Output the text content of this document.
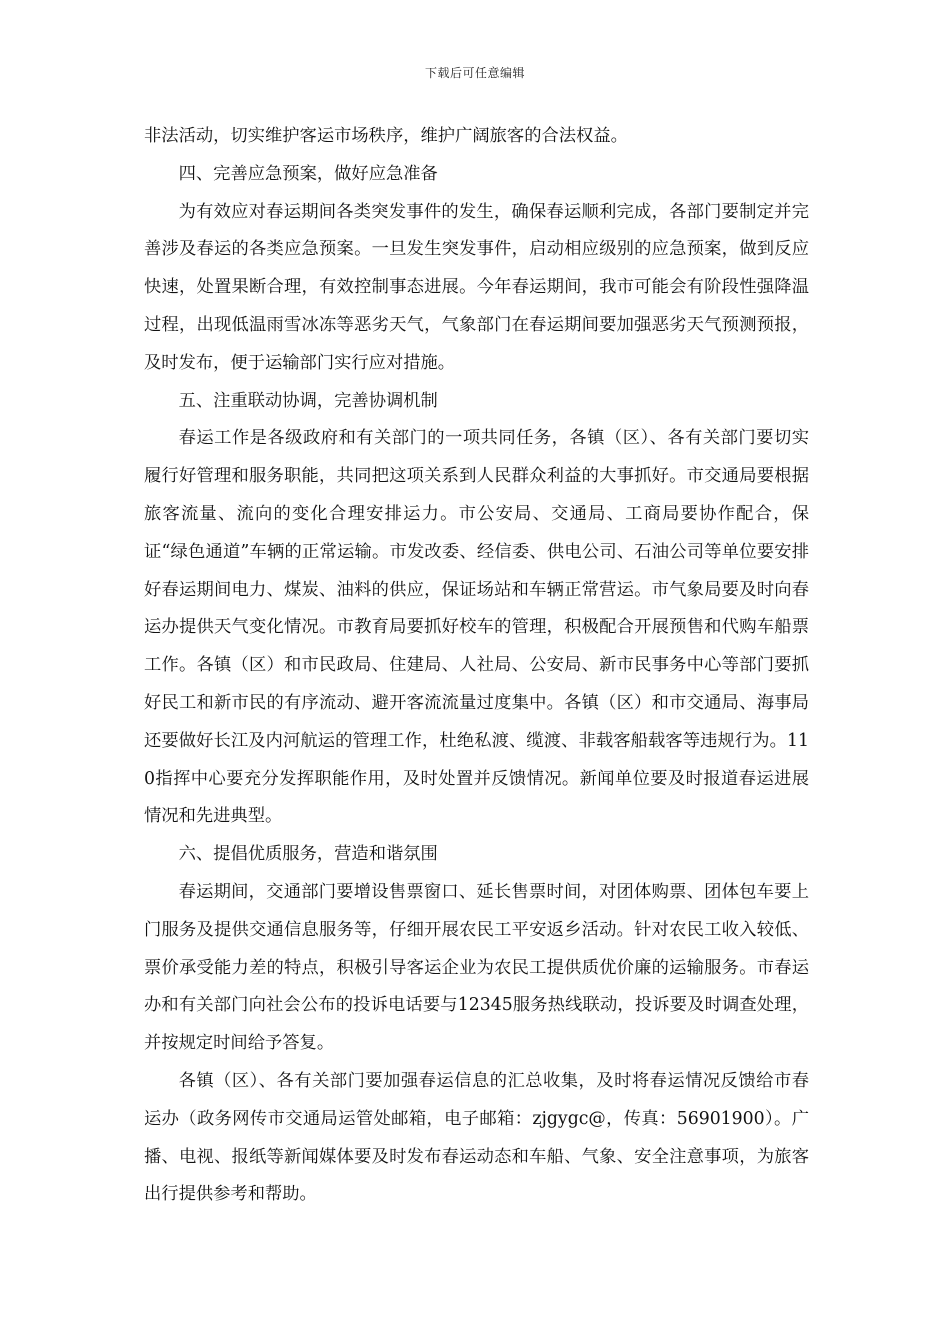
下载后可任意编辑

非法活动，切实维护客运市场秩序，维护广阔旅客的合法权益。

四、完善应急预案，做好应急准备

为有效应对春运期间各类突发事件的发生，确保春运顺利完成，各部门要制定并完善涉及春运的各类应急预案。一旦发生突发事件，启动相应级别的应急预案，做到反应快速，处置果断合理，有效控制事态进展。今年春运期间，我市可能会有阶段性强降温过程，出现低温雨雪冰冻等恶劣天气，气象部门在春运期间要加强恶劣天气预测预报，及时发布，便于运输部门实行应对措施。

五、注重联动协调，完善协调机制

春运工作是各级政府和有关部门的一项共同任务，各镇（区）、各有关部门要切实履行好管理和服务职能，共同把这项关系到人民群众利益的大事抓好。市交通局要根据旅客流量、流向的变化合理安排运力。市公安局、交通局、工商局要协作配合，保证“绿色通道”车辆的正常运输。市发改委、经信委、供电公司、石油公司等单位要安排好春运期间电力、煤炭、油料的供应，保证场站和车辆正常营运。市气象局要及时向春运办提供天气变化情况。市教育局要抓好校车的管理，积极配合开展预售和代购车船票工作。各镇（区）和市民政局、住建局、人社局、公安局、新市民事务中心等部门要抓好民工和新市民的有序流动、避开客流流量过度集中。各镇（区）和市交通局、海事局还要做好长江及内河航运的管理工作，杜绝私渡、缆渡、非载客船载客等违规行为。110指挥中心要充分发挥职能作用，及时处置并反馈情况。新闻单位要及时报道春运进展情况和先进典型。

六、提倡优质服务，营造和谐氛围

春运期间，交通部门要增设售票窗口、延长售票时间，对团体购票、团体包车要上门服务及提供交通信息服务等，仔细开展农民工平安返乡活动。针对农民工收入较低、票价承受能力差的特点，积极引导客运企业为农民工提供质优价廉的运输服务。市春运办和有关部门向社会公布的投诉电话要与12345服务热线联动，投诉要及时调查处理，并按规定时间给予答复。

各镇（区）、各有关部门要加强春运信息的汇总收集，及时将春运情况反馈给市春运办（政务网传市交通局运管处邮箱，电子邮箱：zjgygc@，传真：56901900）。广播、电视、报纸等新闻媒体要及时发布春运动态和车船、气象、安全注意事项，为旅客出行提供参考和帮助。
